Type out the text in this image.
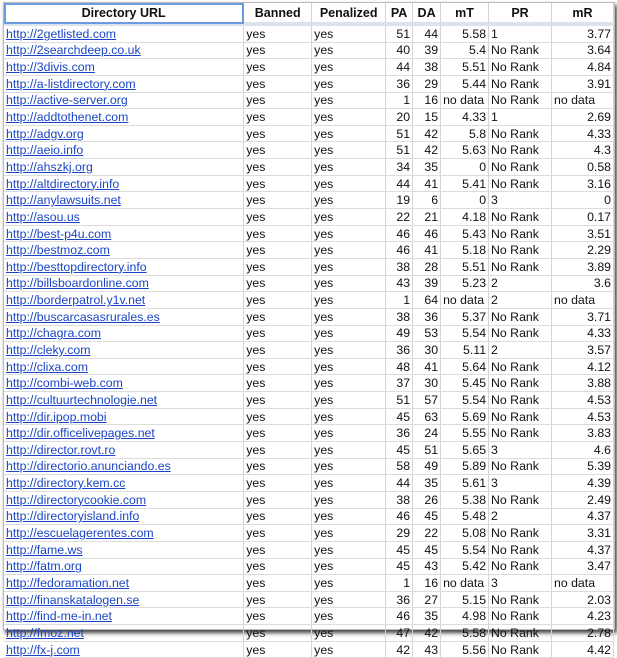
Directory URL	Banned	Penalized	PA	DA	mT	PR	mR
http://2getlisted.com	yes	yes	51	44	5.58	1	3.77
http://2searchdeep.co.uk	yes	yes	40	39	5.4	No Rank	3.64
http://3divis.com	yes	yes	44	38	5.51	No Rank	4.84
http://a-listdirectory.com	yes	yes	36	29	5.44	No Rank	3.91
http://active-server.org	yes	yes	1	16	no data	No Rank	no data
http://addtothenet.com	yes	yes	20	15	4.33	1	2.69
http://adgv.org	yes	yes	51	42	5.8	No Rank	4.33
http://aeio.info	yes	yes	51	42	5.63	No Rank	4.3
http://ahszkj.org	yes	yes	34	35	0	No Rank	0.58
http://altdirectory.info	yes	yes	44	41	5.41	No Rank	3.16
http://anylawsuits.net	yes	yes	19	6	0	3	0
http://asou.us	yes	yes	22	21	4.18	No Rank	0.17
http://best-p4u.com	yes	yes	46	46	5.43	No Rank	3.51
http://bestmoz.com	yes	yes	46	41	5.18	No Rank	2.29
http://besttopdirectory.info	yes	yes	38	28	5.51	No Rank	3.89
http://billsboardonline.com	yes	yes	43	39	5.23	2	3.6
http://borderpatrol.y1v.net	yes	yes	1	64	no data	2	no data
http://buscarcasasrurales.es	yes	yes	38	36	5.37	No Rank	3.71
http://chagra.com	yes	yes	49	53	5.54	No Rank	4.33
http://cleky.com	yes	yes	36	30	5.11	2	3.57
http://clixa.com	yes	yes	48	41	5.64	No Rank	4.12
http://combi-web.com	yes	yes	37	30	5.45	No Rank	3.88
http://cultuurtechnologie.net	yes	yes	51	57	5.54	No Rank	4.53
http://dir.ipop.mobi	yes	yes	45	63	5.69	No Rank	4.53
http://dir.officelivepages.net	yes	yes	36	24	5.55	No Rank	3.83
http://director.rovt.ro	yes	yes	45	51	5.65	3	4.6
http://directorio.anunciando.es	yes	yes	58	49	5.89	No Rank	5.39
http://directory.kem.cc	yes	yes	44	35	5.61	3	4.39
http://directorycookie.com	yes	yes	38	26	5.38	No Rank	2.49
http://directoryisland.info	yes	yes	46	45	5.48	2	4.37
http://escuelagerentes.com	yes	yes	29	22	5.08	No Rank	3.31
http://fame.ws	yes	yes	45	45	5.54	No Rank	4.37
http://fatm.org	yes	yes	45	43	5.42	No Rank	3.47
http://fedoramation.net	yes	yes	1	16	no data	3	no data
http://finanskatalogen.se	yes	yes	36	27	5.15	No Rank	2.03
http://find-me-in.net	yes	yes	46	35	4.98	No Rank	4.23
http://fmoz.net	yes	yes	47	42	5.58	No Rank	2.78
http://fx-j.com	yes	yes	42	43	5.56	No Rank	4.42
